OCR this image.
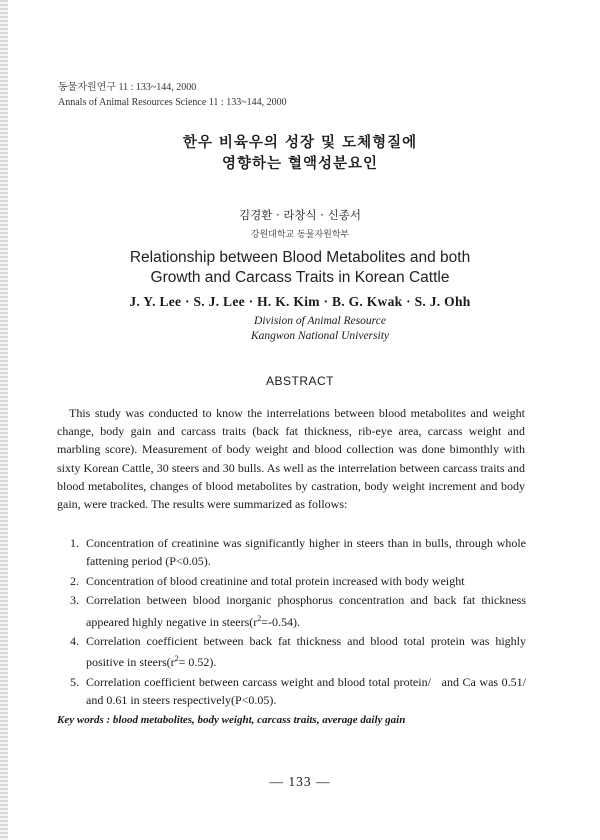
동물자원연구 11 : 133~144, 2000
Annals of Animal Resources Science 11 : 133~144, 2000
한우 비육우의 성장 및 도체형질에
영향하는 혈액성분요인
김경환 · 라창식 · 신종서
강원대학교 동물자원학부
Relationship between Blood Metabolites and both
Growth and Carcass Traits in Korean Cattle
J. Y. Lee · S. J. Lee · H. K. Kim · B. G. Kwak · S. J. Ohh
Division of Animal Resource
Kangwon National University
ABSTRACT

This study was conducted to know the interrelations between blood metabolites and weight change, body gain and carcass traits (back fat thickness, rib-eye area, carcass weight and marbling score). Measurement of body weight and blood collection was done bimonthly with sixty Korean Cattle, 30 steers and 30 bulls. As well as the interrelation between carcass traits and blood metabolites, changes of blood metabolites by castration, body weight increment and body gain, were tracked. The results were summarized as follows:

1. Concentration of creatinine was significantly higher in steers than in bulls, through whole fattening period (P<0.05).
2. Concentration of blood creatinine and total protein increased with body weight
3. Correlation between blood inorganic phosphorus concentration and back fat thickness appeared highly negative in $steers(r^2=-0.54)$.
4. Correlation coefficient between back fat thickness and blood total protein was highly positive in $steers(r^2= 0.52)$.
5. Correlation coefficient between carcass weight and blood total protein/   and Ca was 0.51/ and 0.61 in steers respectively(P<0.05).
Key words : blood metabolites, body weight, carcass traits, average daily gain
— 133 —
